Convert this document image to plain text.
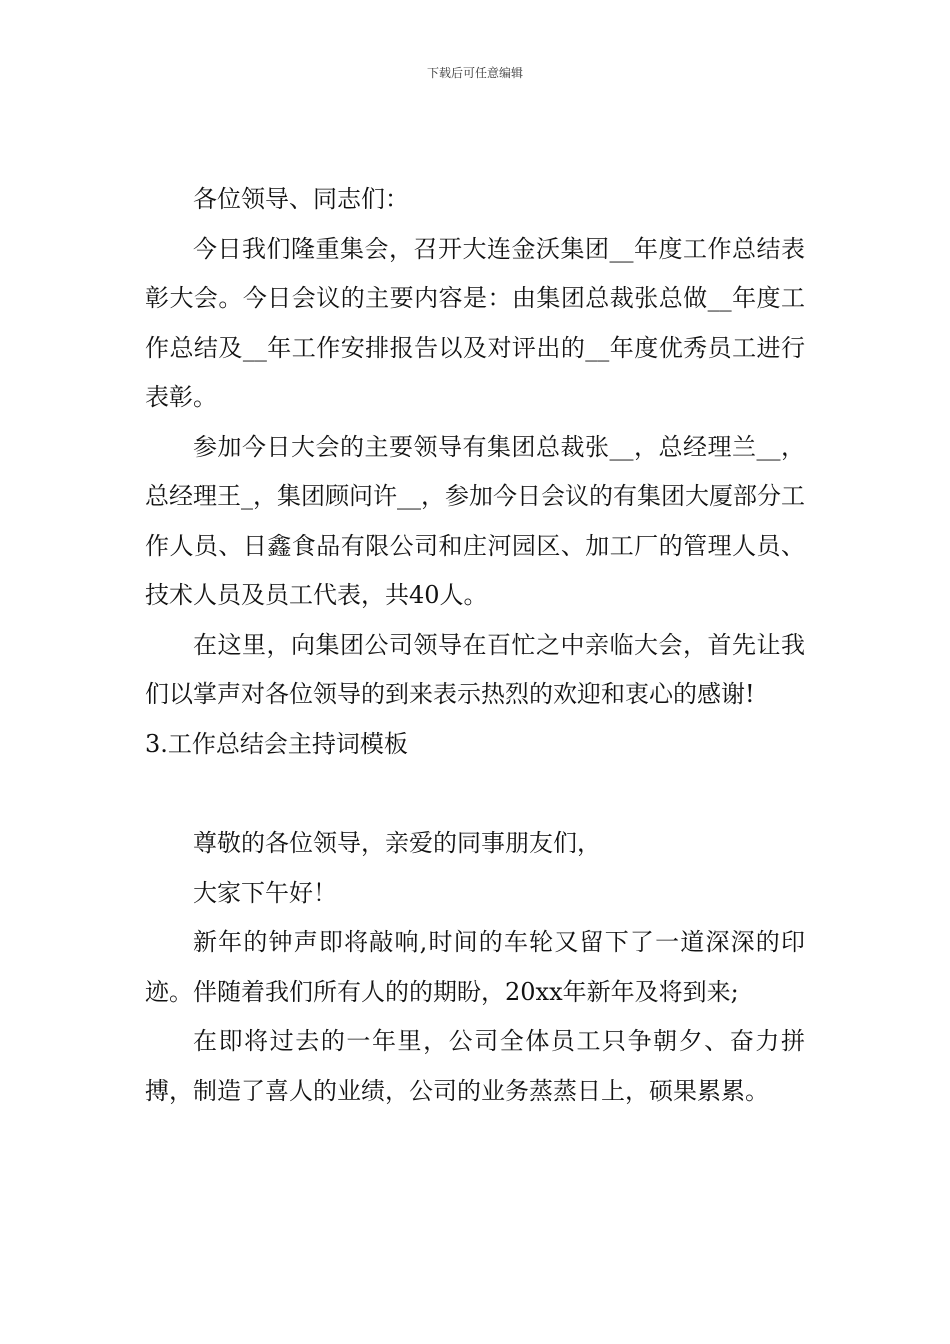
下载后可任意编辑

各位领导、同志们：

今日我们隆重集会，召开大连金沃集团__年度工作总结表彰大会。今日会议的主要内容是：由集团总裁张总做__年度工作总结及__年工作安排报告以及对评出的__年度优秀员工进行表彰。

参加今日大会的主要领导有集团总裁张__，总经理兰__，总经理王_，集团顾问许__，参加今日会议的有集团大厦部分工作人员、日鑫食品有限公司和庄河园区、加工厂的管理人员、技术人员及员工代表，共40人。

在这里，向集团公司领导在百忙之中亲临大会，首先让我们以掌声对各位领导的到来表示热烈的欢迎和衷心的感谢!

3.工作总结会主持词模板

尊敬的各位领导，亲爱的同事朋友们，

大家下午好！

新年的钟声即将敲响,时间的车轮又留下了一道深深的印迹。伴随着我们所有人的的期盼，20xx年新年及将到来;

在即将过去的一年里，公司全体员工只争朝夕、奋力拼搏，制造了喜人的业绩，公司的业务蒸蒸日上，硕果累累。
